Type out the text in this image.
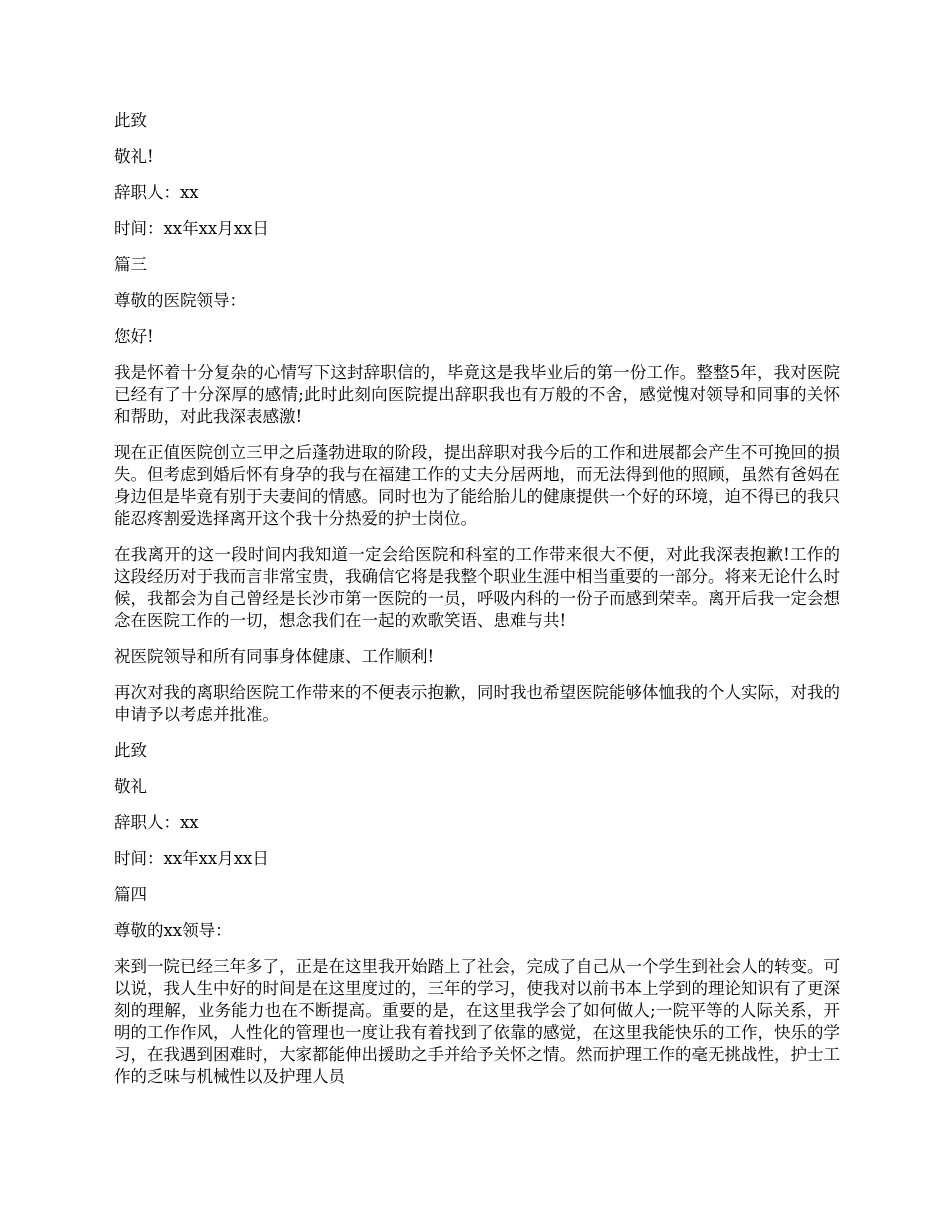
此致

敬礼!

辞职人：xx

时间：xx年xx月xx日

篇三

尊敬的医院领导：

您好!

我是怀着十分复杂的心情写下这封辞职信的，毕竟这是我毕业后的第一份工作。整整5年，我对医院已经有了十分深厚的感情;此时此刻向医院提出辞职我也有万般的不舍，感觉愧对领导和同事的关怀和帮助，对此我深表感激!

现在正值医院创立三甲之后蓬勃进取的阶段，提出辞职对我今后的工作和进展都会产生不可挽回的损失。但考虑到婚后怀有身孕的我与在福建工作的丈夫分居两地，而无法得到他的照顾，虽然有爸妈在身边但是毕竟有别于夫妻间的情感。同时也为了能给胎儿的健康提供一个好的环境，迫不得已的我只能忍疼割爱选择离开这个我十分热爱的护士岗位。

在我离开的这一段时间内我知道一定会给医院和科室的工作带来很大不便，对此我深表抱歉!工作的这段经历对于我而言非常宝贵，我确信它将是我整个职业生涯中相当重要的一部分。将来无论什么时候，我都会为自己曾经是长沙市第一医院的一员，呼吸内科的一份子而感到荣幸。离开后我一定会想念在医院工作的一切，想念我们在一起的欢歌笑语、患难与共!

祝医院领导和所有同事身体健康、工作顺利!

再次对我的离职给医院工作带来的不便表示抱歉，同时我也希望医院能够体恤我的个人实际，对我的申请予以考虑并批准。

此致

敬礼

辞职人：xx

时间：xx年xx月xx日

篇四

尊敬的xx领导：

来到一院已经三年多了，正是在这里我开始踏上了社会，完成了自己从一个学生到社会人的转变。可以说，我人生中好的时间是在这里度过的，三年的学习，使我对以前书本上学到的理论知识有了更深刻的理解，业务能力也在不断提高。重要的是，在这里我学会了如何做人;一院平等的人际关系，开明的工作作风，人性化的管理也一度让我有着找到了依靠的感觉，在这里我能快乐的工作，快乐的学习，在我遇到困难时，大家都能伸出援助之手并给予关怀之情。然而护理工作的毫无挑战性，护士工作的乏味与机械性以及护理人员
